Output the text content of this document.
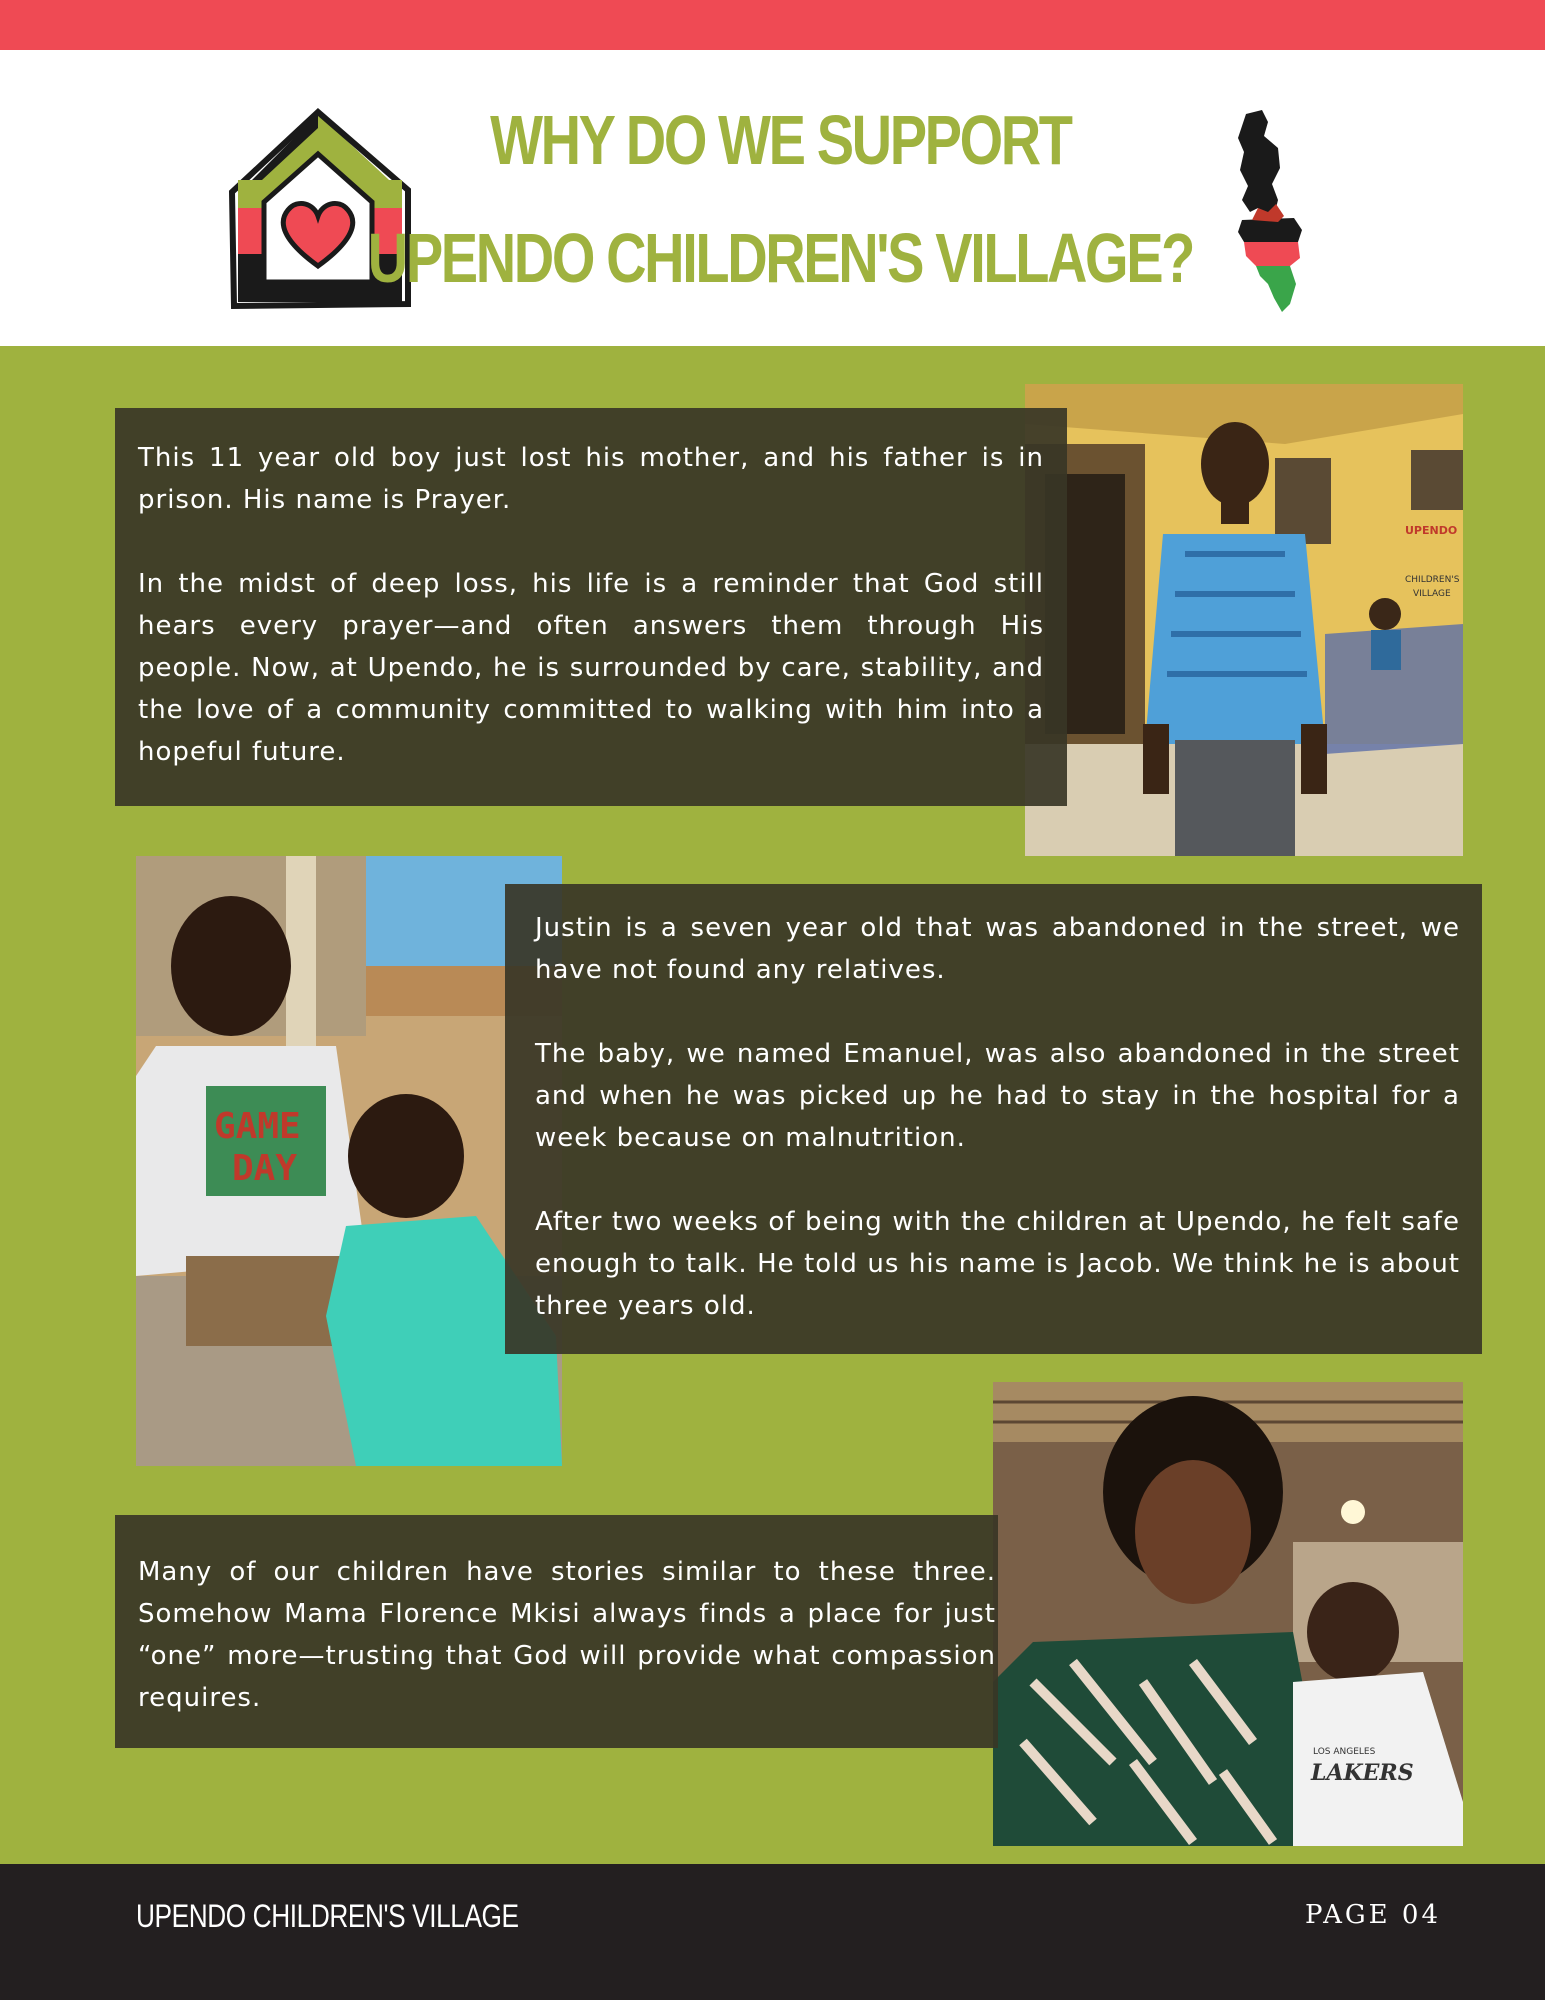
WHY DO WE SUPPORT
UPENDO CHILDREN'S VILLAGE?
UPENDO
CHILDREN'S
VILLAGE
GAME
DAY
LOS ANGELES
LAKERS

This 11 year old boy just lost his mother, and his father is in prison. His name is Prayer.

In the midst of deep loss, his life is a reminder that God still hears every prayer—and often answers them through His people. Now, at Upendo, he is surrounded by care, stability, and the love of a community committed to walking with him into a hopeful future.

Justin is a seven year old that was abandoned in the street, we have not found any relatives.

The baby, we named Emanuel, was also abandoned in the street and when he was picked up he had to stay in the hospital for a week because on malnutrition.

After two weeks of being with the children at Upendo, he felt safe enough to talk. He told us his name is Jacob. We think he is about three years old.

Many of our children have stories similar to these three. Somehow Mama Florence Mkisi always finds a place for just “one” more—trusting that God will provide what compassion requires.

UPENDO CHILDREN'S VILLAGE	PAGE 04
